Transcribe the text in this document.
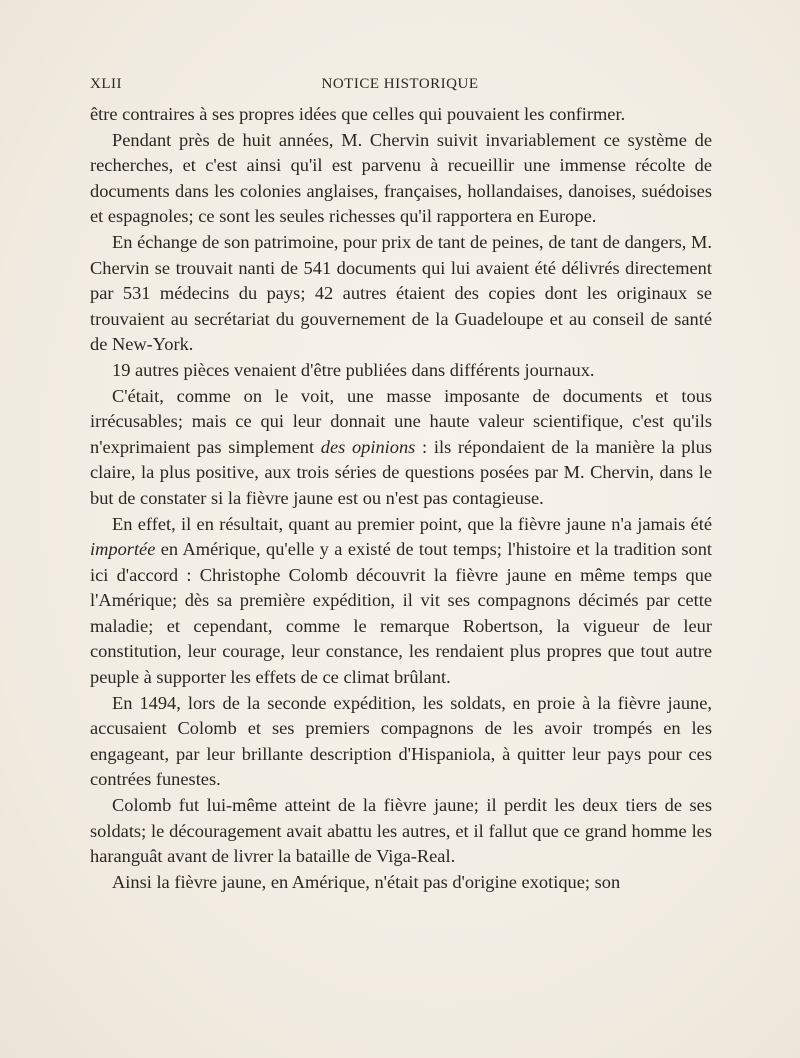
XLII	NOTICE HISTORIQUE

être contraires à ses propres idées que celles qui pouvaient les confirmer.

Pendant près de huit années, M. Chervin suivit invariablement ce système de recherches, et c'est ainsi qu'il est parvenu à recueillir une immense récolte de documents dans les colonies anglaises, françaises, hollandaises, danoises, suédoises et espagnoles; ce sont les seules richesses qu'il rapportera en Europe.

En échange de son patrimoine, pour prix de tant de peines, de tant de dangers, M. Chervin se trouvait nanti de 541 documents qui lui avaient été délivrés directement par 531 médecins du pays; 42 autres étaient des copies dont les originaux se trouvaient au secrétariat du gouvernement de la Guadeloupe et au conseil de santé de New-York.

19 autres pièces venaient d'être publiées dans différents journaux.

C'était, comme on le voit, une masse imposante de documents et tous irrécusables; mais ce qui leur donnait une haute valeur scientifique, c'est qu'ils n'exprimaient pas simplement des opinions : ils répondaient de la manière la plus claire, la plus positive, aux trois séries de questions posées par M. Chervin, dans le but de constater si la fièvre jaune est ou n'est pas contagieuse.

En effet, il en résultait, quant au premier point, que la fièvre jaune n'a jamais été importée en Amérique, qu'elle y a existé de tout temps; l'histoire et la tradition sont ici d'accord : Christophe Colomb découvrit la fièvre jaune en même temps que l'Amérique; dès sa première expédition, il vit ses compagnons décimés par cette maladie; et cependant, comme le remarque Robertson, la vigueur de leur constitution, leur courage, leur constance, les rendaient plus propres que tout autre peuple à supporter les effets de ce climat brûlant.

En 1494, lors de la seconde expédition, les soldats, en proie à la fièvre jaune, accusaient Colomb et ses premiers compagnons de les avoir trompés en les engageant, par leur brillante description d'Hispaniola, à quitter leur pays pour ces contrées funestes.

Colomb fut lui-même atteint de la fièvre jaune; il perdit les deux tiers de ses soldats; le découragement avait abattu les autres, et il fallut que ce grand homme les haranguât avant de livrer la bataille de Viga-Real.

Ainsi la fièvre jaune, en Amérique, n'était pas d'origine exotique; son
